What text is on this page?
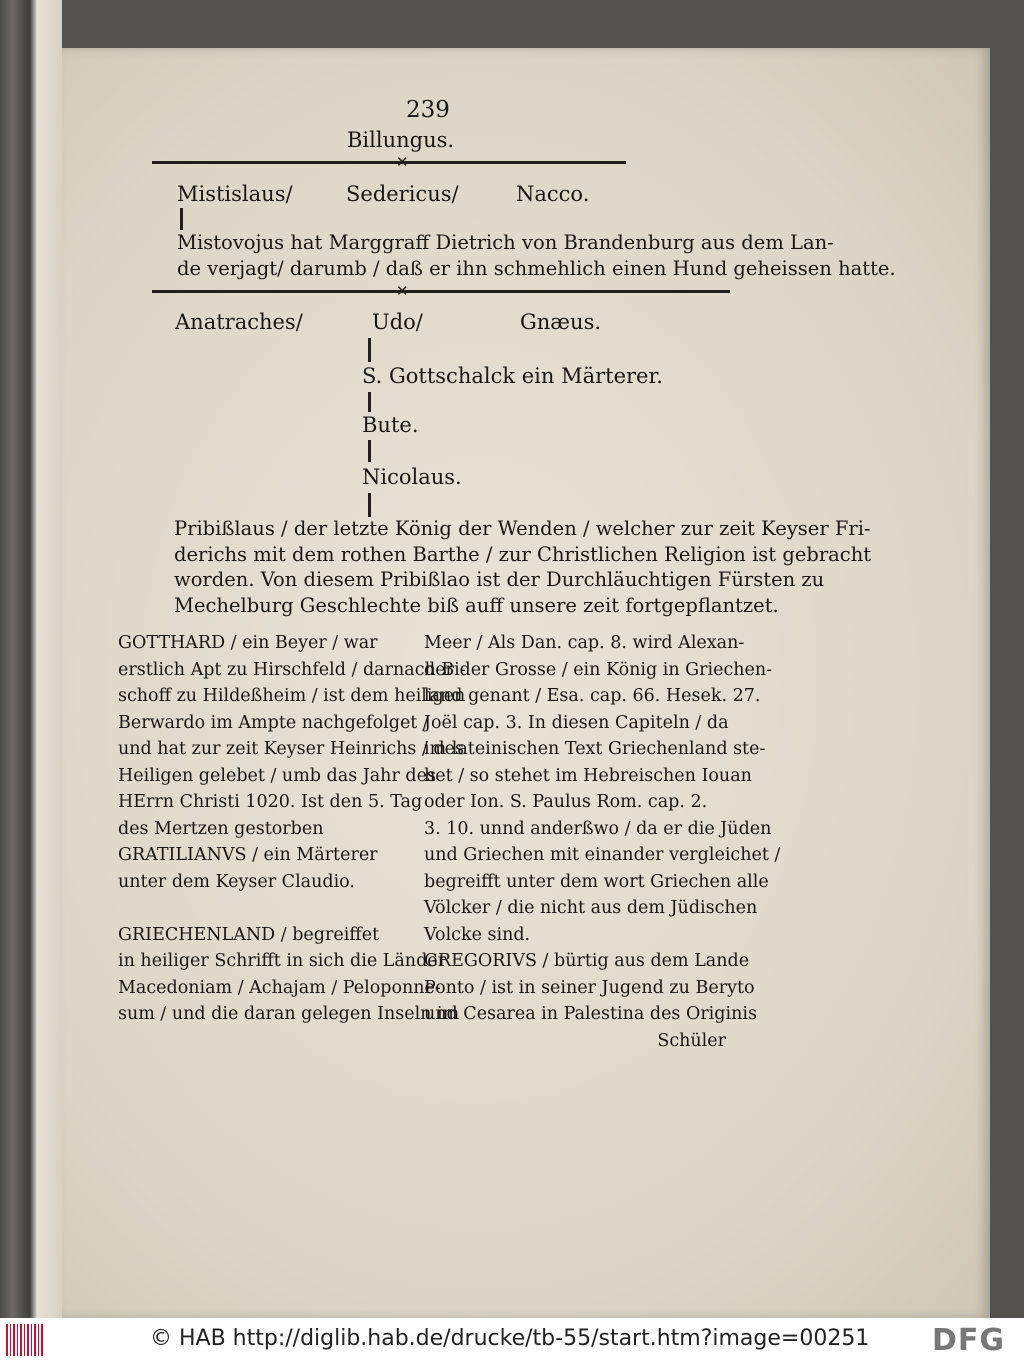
239
Billungus.
✕
Mistislaus/	Sedericus/	Nacco.
Mistovojus hat Marggraff Dietrich von Brandenburg aus dem Lan-
de verjagt/ darumb / daß er ihn schmehlich einen Hund geheissen hatte.
✕
Anatraches/	Udo/	Gnæus.
S. Gottschalck ein Märterer.
Bute.
Nicolaus.
Pribißlaus / der letzte König der Wenden / welcher zur zeit Keyser Fri-
derichs mit dem rothen Barthe / zur Christlichen Religion ist gebracht
worden. Von diesem Pribißlao ist der Durchläuchtigen Fürsten zu
Mechelburg Geschlechte biß auff unsere zeit fortgepflantzet.
GOTTHARD / ein Beyer / war
erstlich Apt zu Hirschfeld / darnach Bi-
schoff zu Hildeßheim / ist dem heiligen
Berwardo im Ampte nachgefolget /
und hat zur zeit Keyser Heinrichs / des
Heiligen gelebet / umb das Jahr des
HErrn Christi 1020. Ist den 5. Tag
des Mertzen gestorben
GRATILIANVS / ein Märterer
unter dem Keyser Claudio.

GRIECHENLAND / begreiffet
in heiliger Schrifft in sich die Länder
Macedoniam / Achajam / Peloponne-
sum / und die daran gelegen Inseln im
Meer / Als Dan. cap. 8. wird Alexan-
der der Grosse / ein König in Griechen-
land genant / Esa. cap. 66. Hesek. 27.
Joël cap. 3. In diesen Capiteln / da
im lateinischen Text Griechenland ste-
het / so stehet im Hebreischen Iouan
oder Ion. S. Paulus Rom. cap. 2.
3. 10. unnd anderßwo / da er die Jüden
und Griechen mit einander vergleichet /
begreifft unter dem wort Griechen alle
Völcker / die nicht aus dem Jüdischen
Volcke sind.
GREGORIVS / bürtig aus dem Lande
Ponto / ist in seiner Jugend zu Beryto
und Cesarea in Palestina des Originis
Schüler
© HAB http://diglib.hab.de/drucke/tb-55/start.htm?image=00251 DFG
